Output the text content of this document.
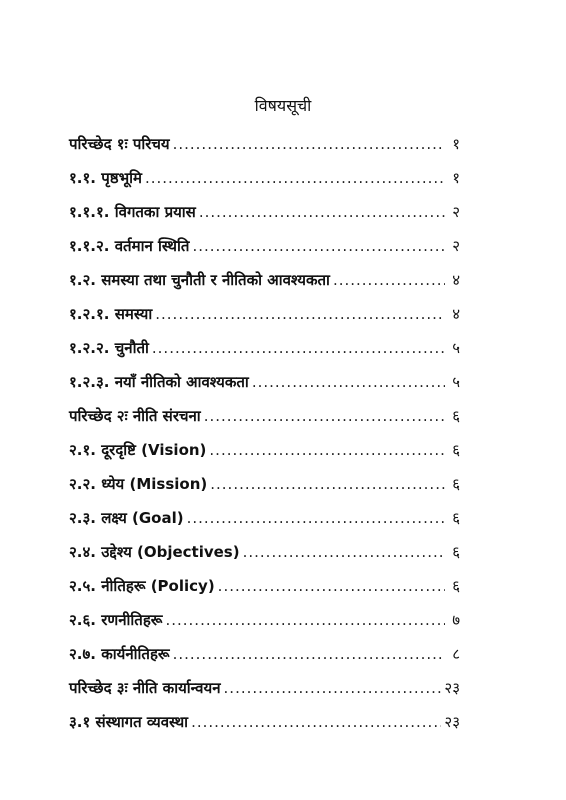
विषयसूची
परिच्छेद १ः परिचय .....	१
१.१. पृष्ठभूमि .....	१
१.१.१. विगतका प्रयास .....	२
१.१.२. वर्तमान स्थिति .....	२
१.२. समस्या तथा चुनौती र नीतिको आवश्यकता .....	४
१.२.१. समस्या .....	४
१.२.२. चुनौती .....	५
१.२.३. नयाँ नीतिको आवश्यकता .....	५
परिच्छेद २ः नीति संरचना .....	६
२.१. दूरदृष्टि (Vision) .....	६
२.२. ध्येय (Mission) .....	६
२.३. लक्ष्य (Goal) .....	६
२.४. उद्देश्य (Objectives) .....	६
२.५. नीतिहरू (Policy) .....	६
२.६. रणनीतिहरू .....	७
२.७. कार्यनीतिहरू .....	८
परिच्छेद ३ः नीति कार्यान्वयन .....	२३
३.१ संस्थागत व्यवस्था .....	२३
